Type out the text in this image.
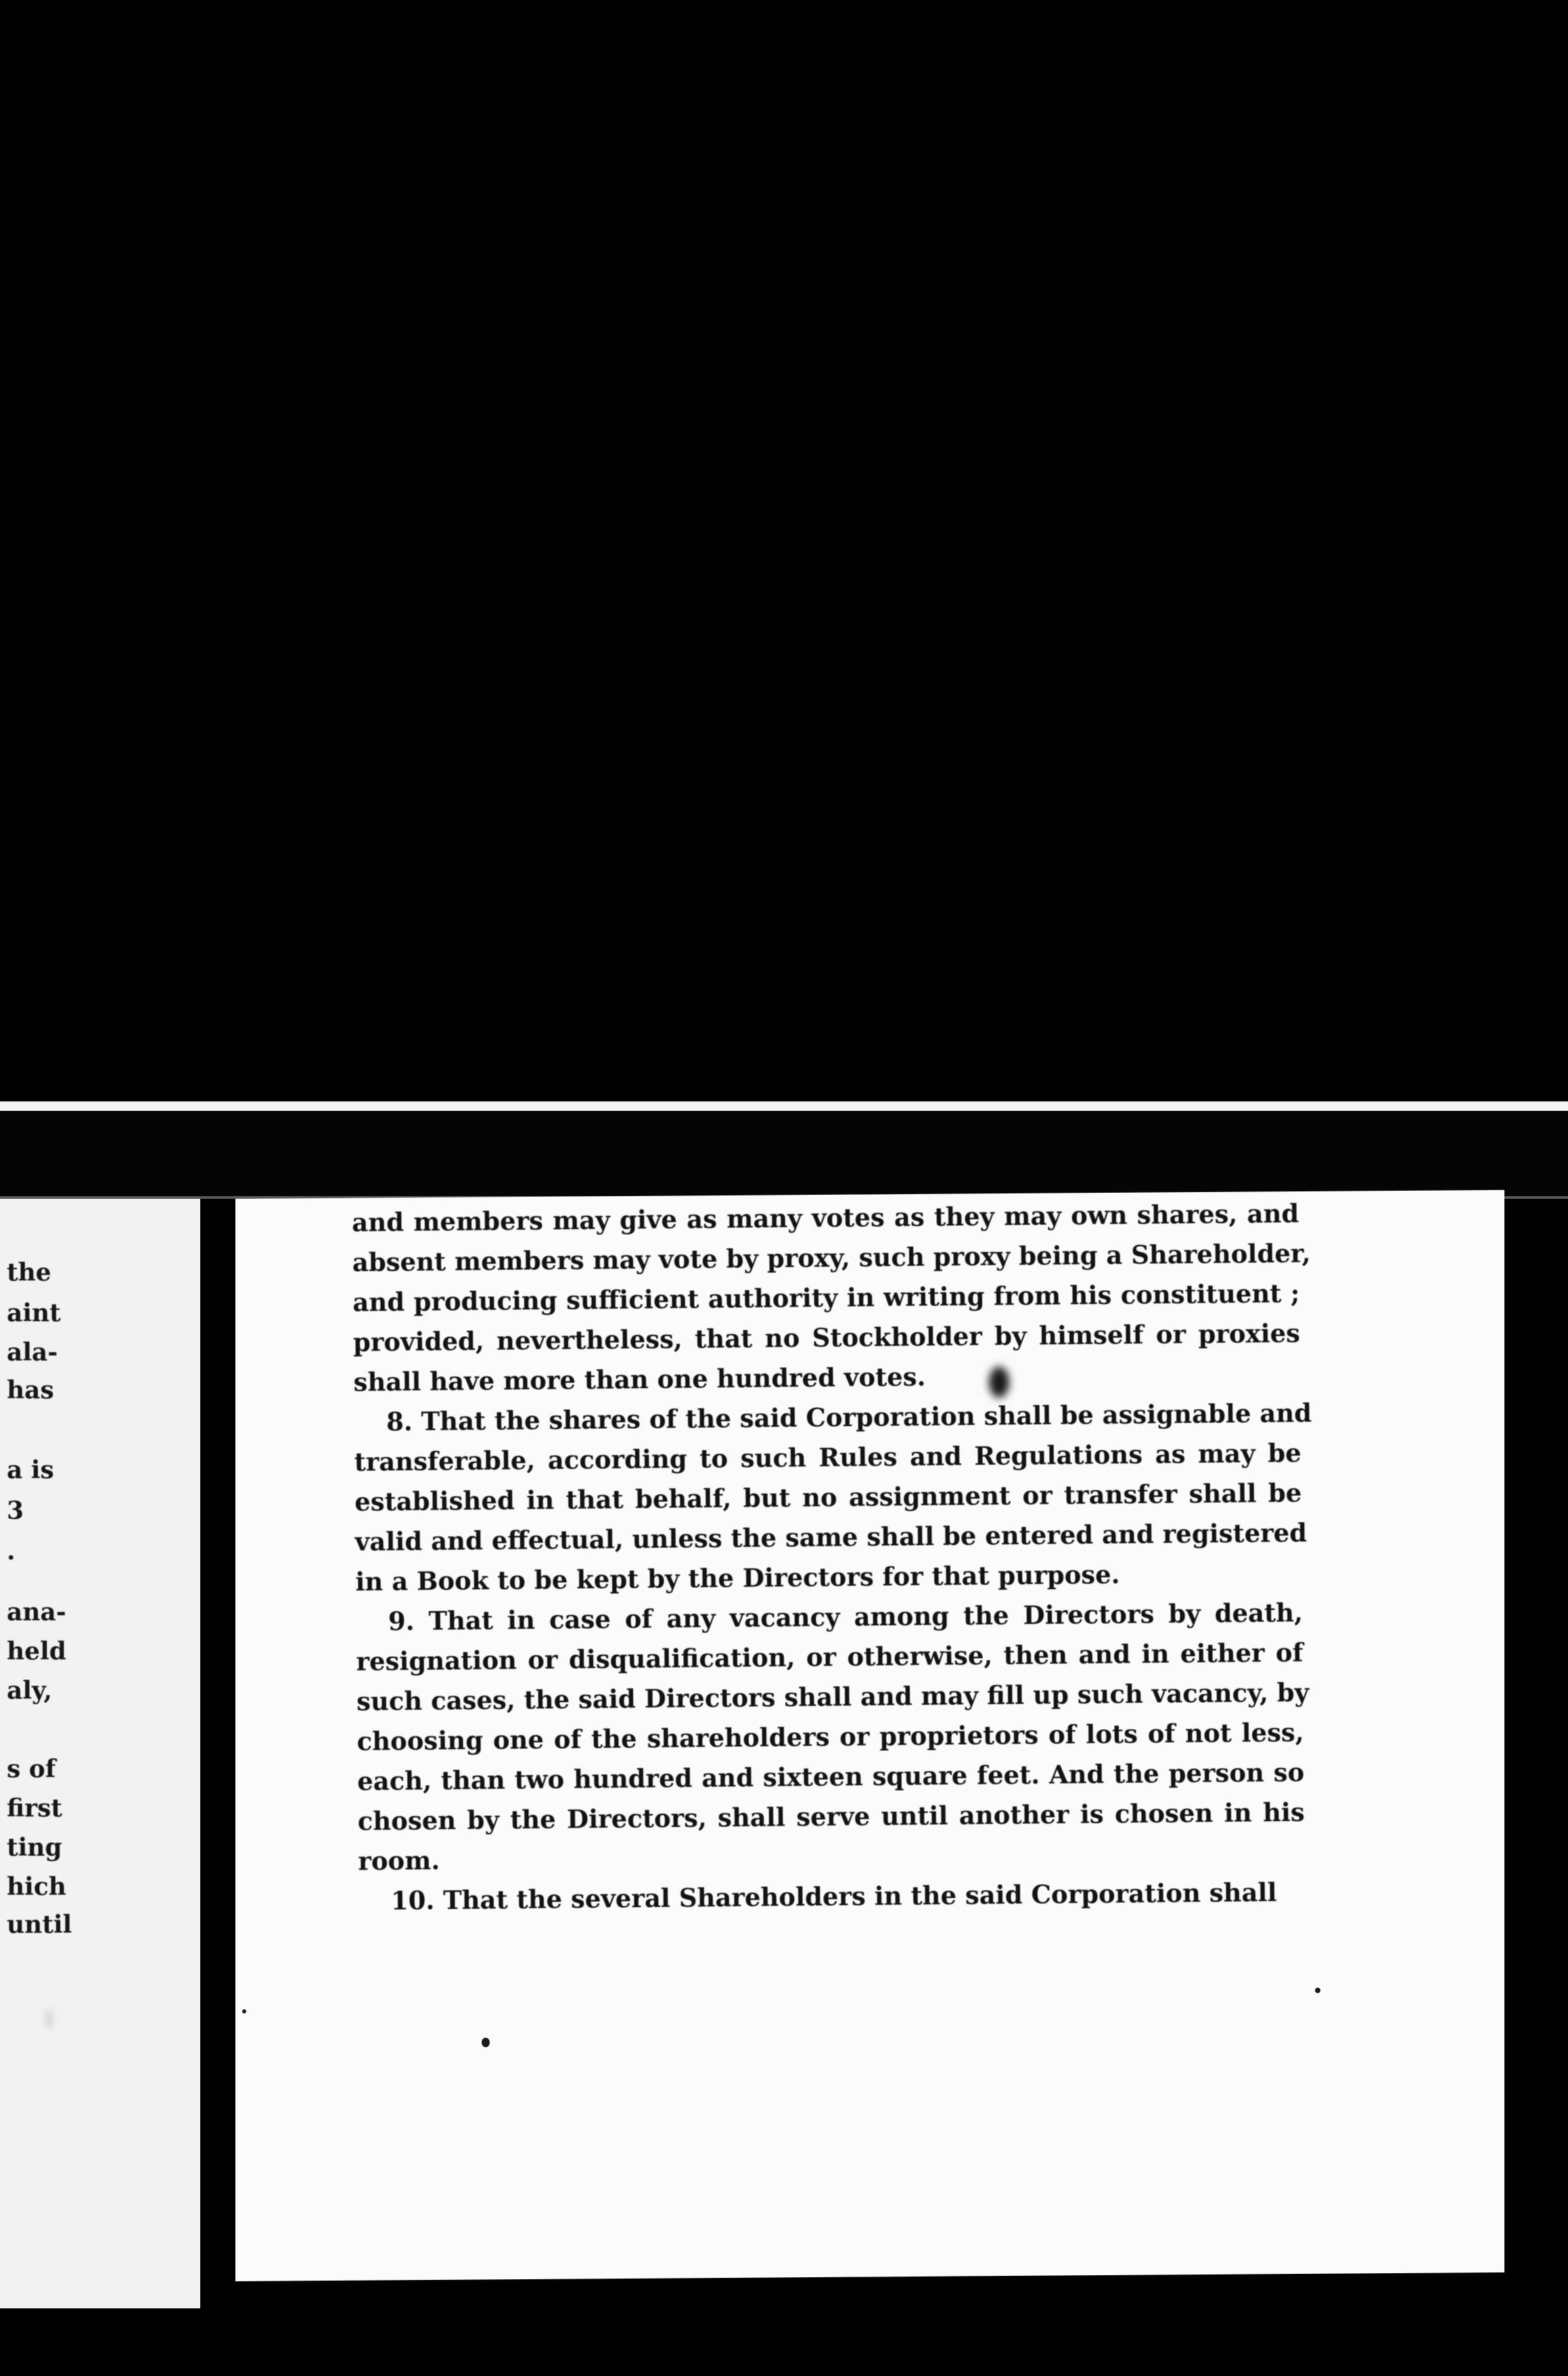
the
aint
ala-
has
a is
3
.
ana-
held
aly,
s of
first
ting
hich
until
and members may give as many votes as they may own shares, and
absent members may vote by proxy, such proxy being a Shareholder,
and producing sufficient authority in writing from his constituent ;
provided, nevertheless, that no Stockholder by himself or proxies
shall have more than one hundred votes.
8. That the shares of the said Corporation shall be assignable and
transferable, according to such Rules and Regulations as may be
established in that behalf, but no assignment or transfer shall be
valid and effectual, unless the same shall be entered and registered
in a Book to be kept by the Directors for that purpose.
9. That in case of any vacancy among the Directors by death,
resignation or disqualification, or otherwise, then and in either of
such cases, the said Directors shall and may fill up such vacancy, by
choosing one of the shareholders or proprietors of lots of not less,
each, than two hundred and sixteen square feet. And the person so
chosen by the Directors, shall serve until another is chosen in his
room.
10. That the several Shareholders in the said Corporation shall
